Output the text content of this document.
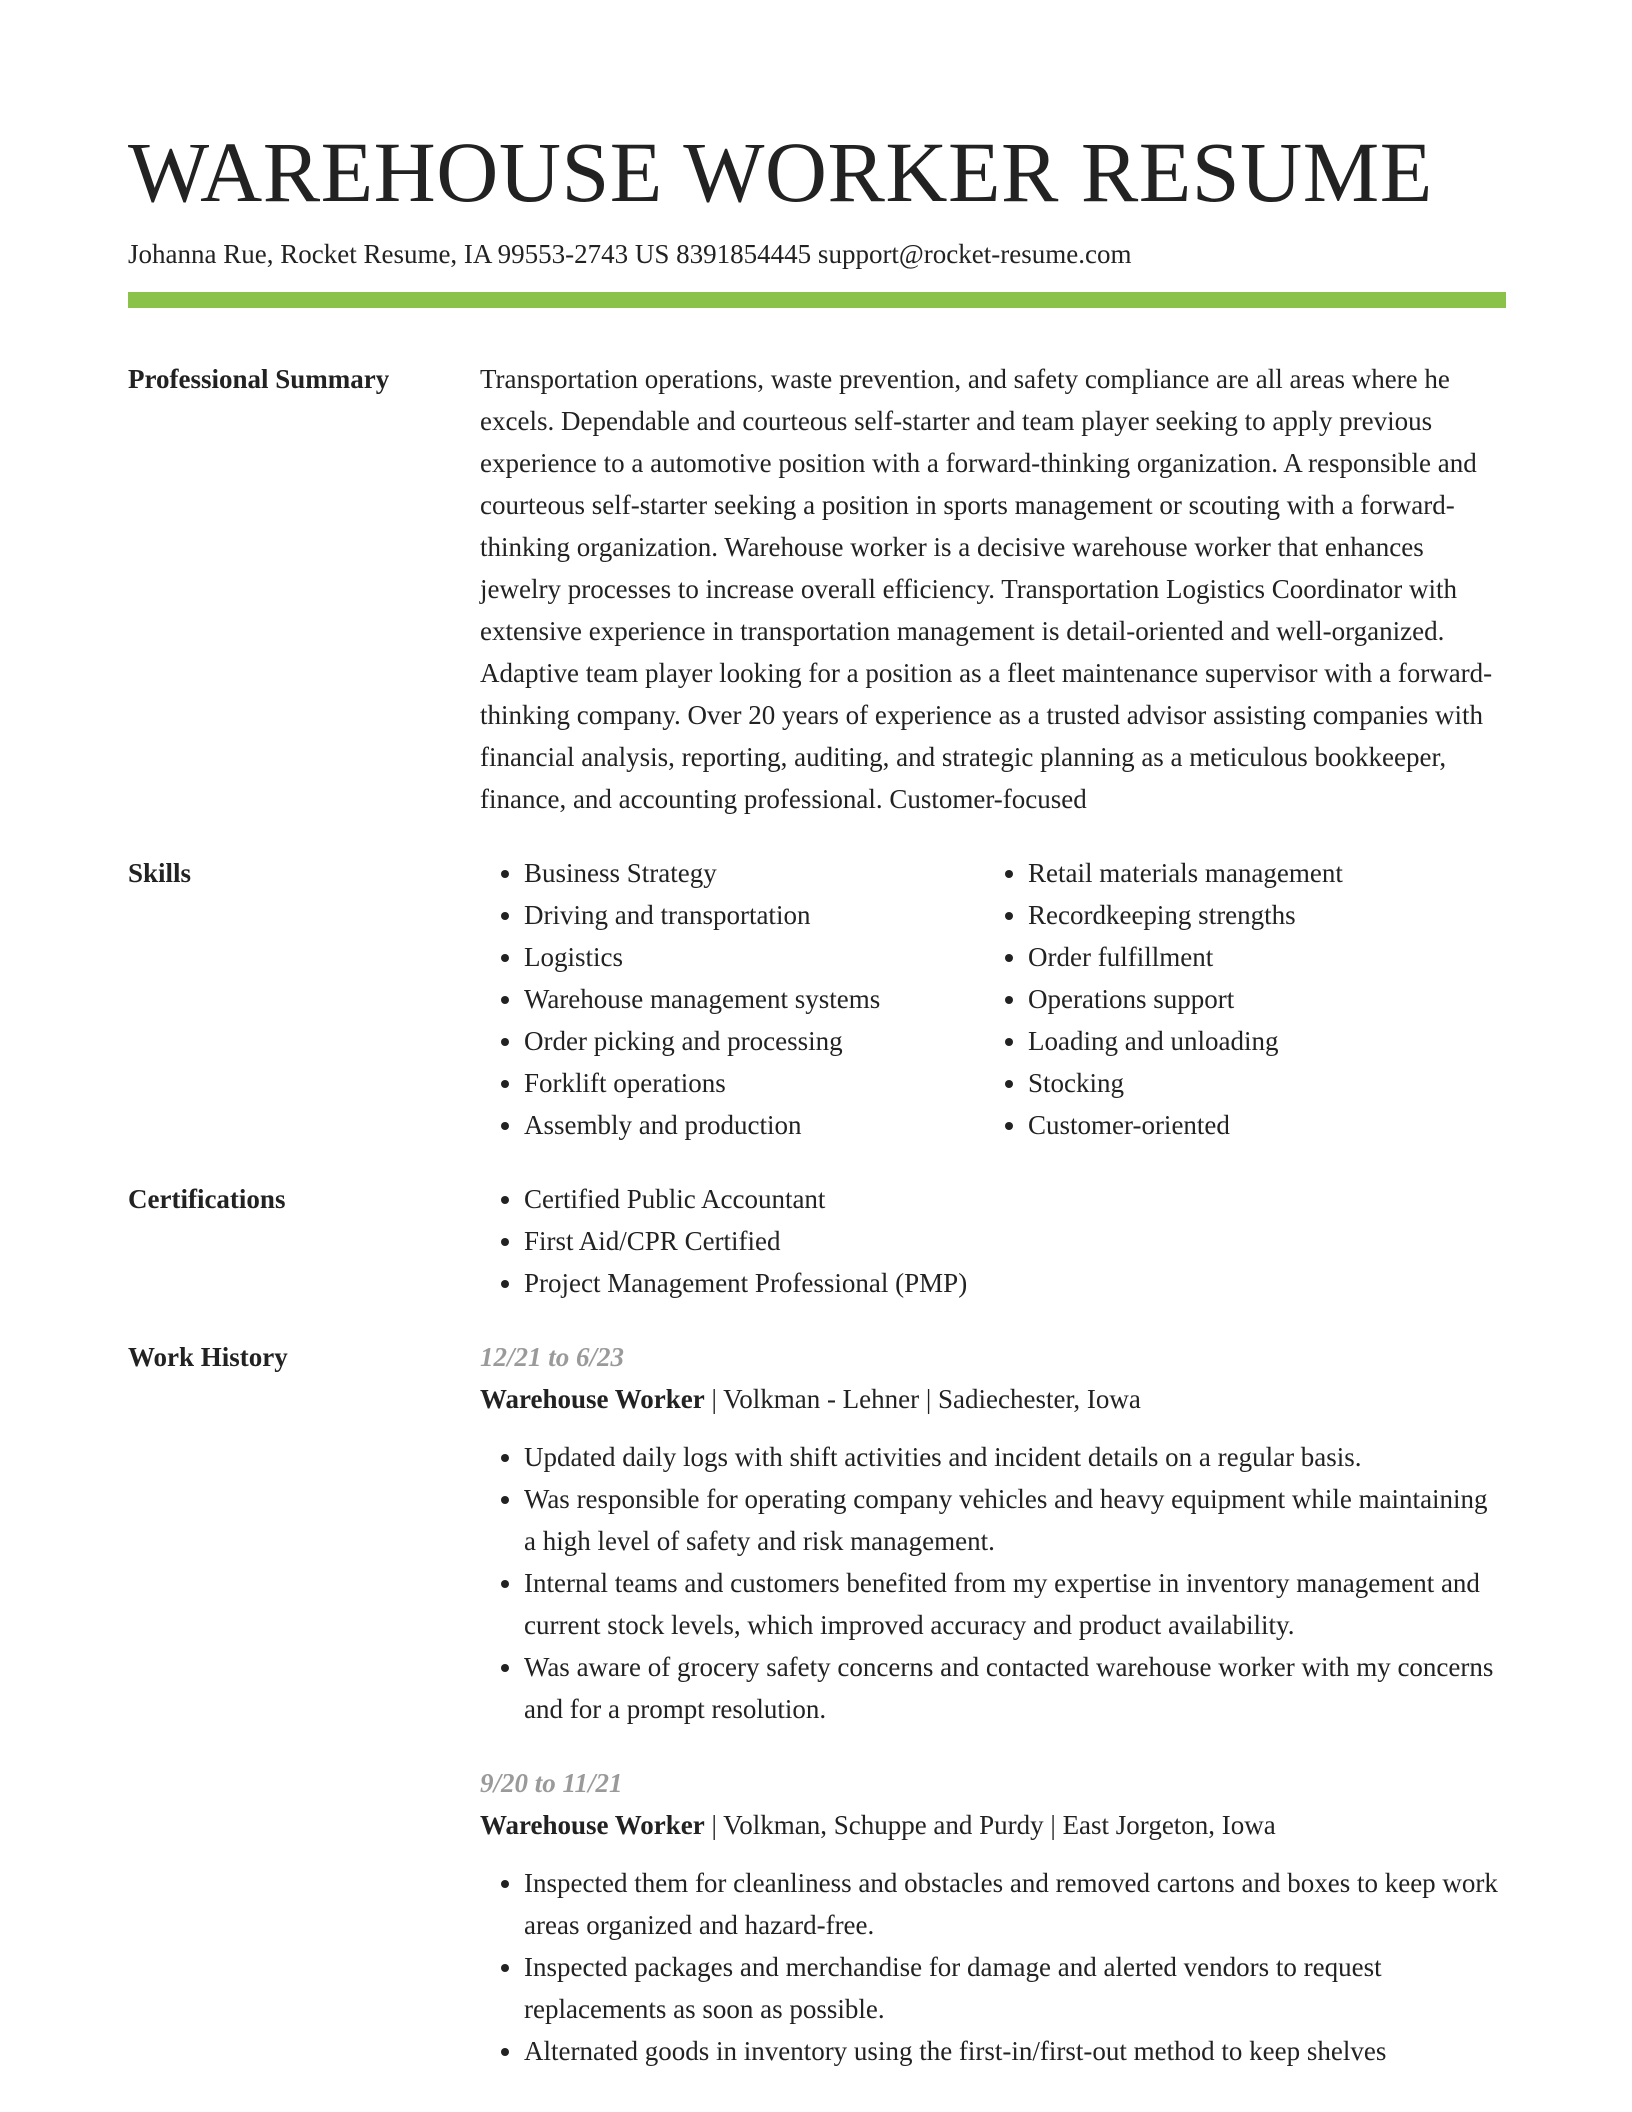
WAREHOUSE WORKER RESUME
Johanna Rue, Rocket Resume, IA 99553-2743 US 8391854445 support@rocket-resume.com
Professional Summary	Transportation operations, waste prevention, and safety compliance are all areas where he excels. Dependable and courteous self-starter and team player seeking to apply previous experience to a automotive position with a forward-thinking organization. A responsible and courteous self-starter seeking a position in sports management or scouting with a forward-thinking organization. Warehouse worker is a decisive warehouse worker that enhances jewelry processes to increase overall efficiency. Transportation Logistics Coordinator with extensive experience in transportation management is detail-oriented and well-organized. Adaptive team player looking for a position as a fleet maintenance supervisor with a forward-thinking company. Over 20 years of experience as a trusted advisor assisting companies with financial analysis, reporting, auditing, and strategic planning as a meticulous bookkeeper, finance, and accounting professional. Customer-focused
Skills	• Business Strategy
• Driving and transportation
• Logistics
• Warehouse management systems
• Order picking and processing
• Forklift operations
• Assembly and production
• Retail materials management
• Recordkeeping strengths
• Order fulfillment
• Operations support
• Loading and unloading
• Stocking
• Customer-oriented
Certifications	• Certified Public Accountant
• First Aid/CPR Certified
• Project Management Professional (PMP)
Work History	12/21 to 6/23
Warehouse Worker | Volkman - Lehner | Sadiechester, Iowa
• Updated daily logs with shift activities and incident details on a regular basis.
• Was responsible for operating company vehicles and heavy equipment while maintaining a high level of safety and risk management.
• Internal teams and customers benefited from my expertise in inventory management and current stock levels, which improved accuracy and product availability.
• Was aware of grocery safety concerns and contacted warehouse worker with my concerns and for a prompt resolution.
9/20 to 11/21
Warehouse Worker | Volkman, Schuppe and Purdy | East Jorgeton, Iowa
• Inspected them for cleanliness and obstacles and removed cartons and boxes to keep work areas organized and hazard-free.
• Inspected packages and merchandise for damage and alerted vendors to request replacements as soon as possible.
• Alternated goods in inventory using the first-in/first-out method to keep shelves
